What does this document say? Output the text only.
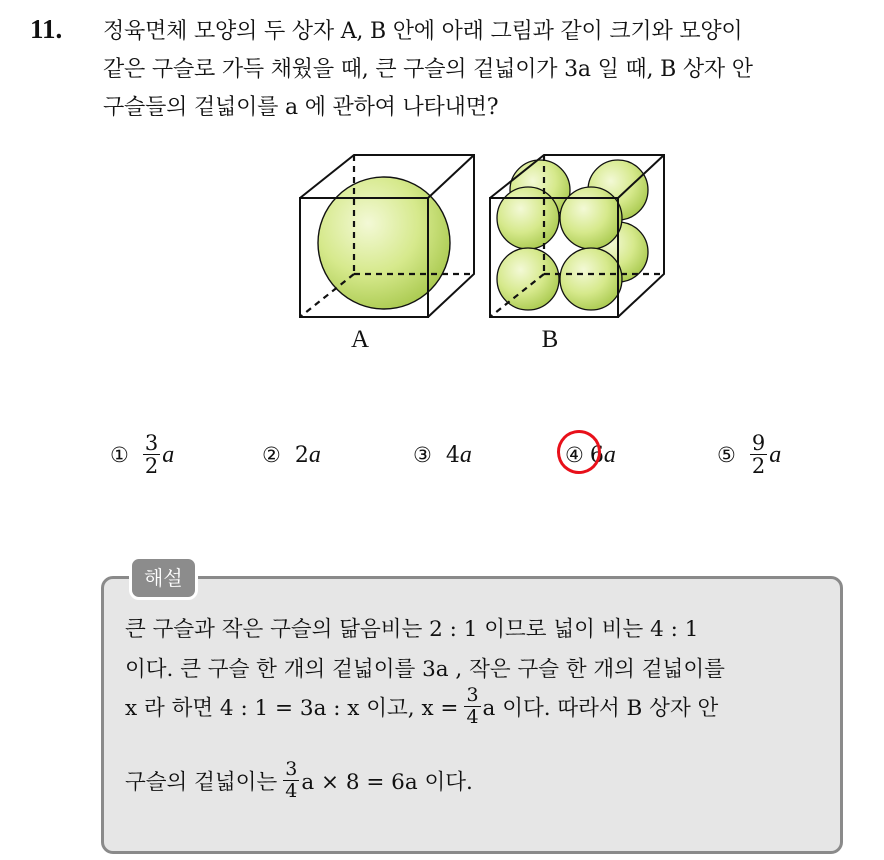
11. 정육면체 모양의 두 상자 A, B 안에 아래 그림과 같이 크기와 모양이
같은 구슬로 가득 채웠을 때, 큰 구슬의 겉넓이가 3a 일 때, B 상자 안
구슬들의 겉넓이를 a 에 관하여 나타내면?
A	B
① $\frac{3}{2}$ a	② 2 a	③ 4 a	④ 6 a	⑤ $\frac{9}{2}$ a
해설
큰 구슬과 작은 구슬의 닮음비는 2 : 1 이므로 넓이 비는 4 : 1
이다. 큰 구슬 한 개의 겉넓이를 3a , 작은 구슬 한 개의 겉넓이를
x 라 하면 4 : 1 = 3a : x 이고, $x = \frac{3}{4}$ a 이다. 따라서 B 상자 안
구슬의 겉넓이는 $\frac{3}{4}$ a × 8 = 6a 이다.
